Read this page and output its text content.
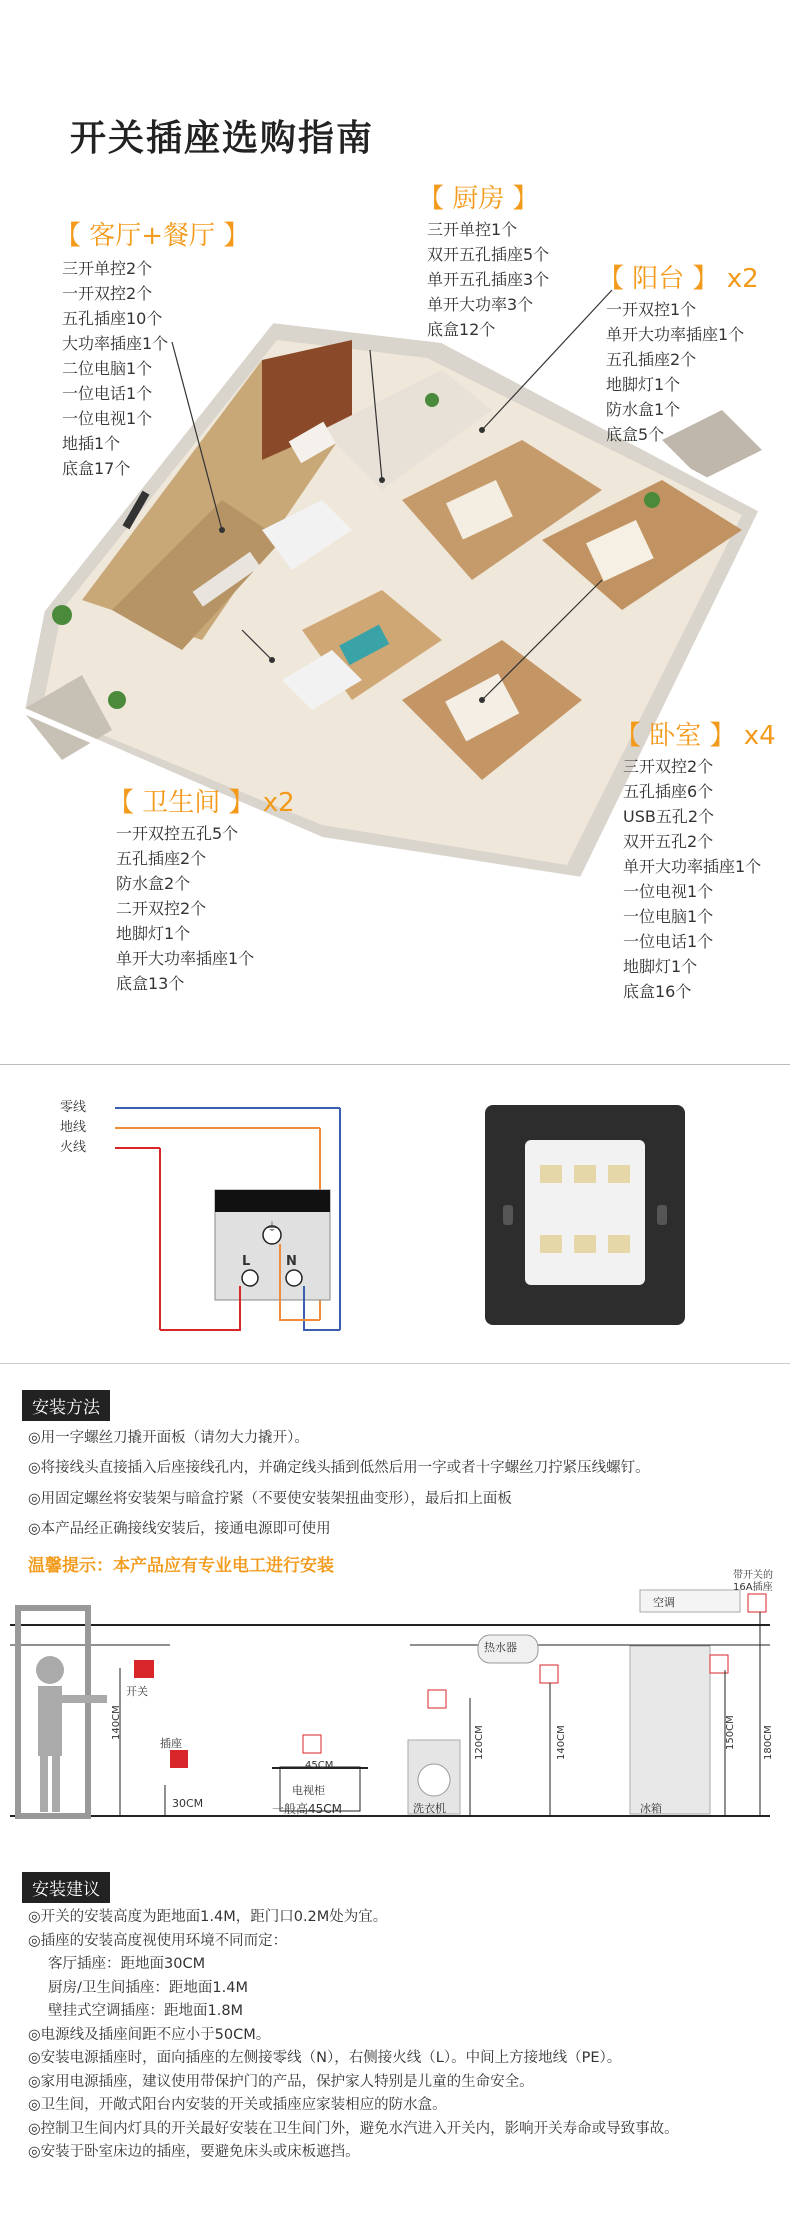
开关插座选购指南
【 客厅+餐厅 】
三开单控2个
一开双控2个
五孔插座10个
大功率插座1个
二位电脑1个
一位电话1个
一位电视1个
地插1个
底盒17个
【 厨房 】
三开单控1个
双开五孔插座5个
单开五孔插座3个
单开大功率3个
底盒12个
【 阳台 】 x2
一开双控1个
单开大功率插座1个
五孔插座2个
地脚灯1个
防水盒1个
底盒5个
【 卫生间 】 x2
一开双控五孔5个
五孔插座2个
防水盒2个
二开双控2个
地脚灯1个
单开大功率插座1个
底盒13个
【 卧室 】 x4
三开双控2个
五孔插座6个
USB五孔2个
双开五孔2个
单开大功率插座1个
一位电视1个
一位电脑1个
一位电话1个
地脚灯1个
底盒16个
⏚
零线
地线
火线
L	N
安装方法
◎用一字螺丝刀撬开面板（请勿大力撬开）。
◎将接线头直接插入后座接线孔内，并确定线头插到低然后用一字或者十字螺丝刀拧紧压线螺钉。
◎用固定螺丝将安装架与暗盒拧紧（不要使安装架扭曲变形），最后扣上面板
◎本产品经正确接线安装后，接通电源即可使用
温馨提示：本产品应有专业电工进行安装
开关
插座
140CM
30CM
电视柜
一般高45CM
45CM
洗衣机
120CM
热水器
140CM
空调
带开关的16A插座
冰箱
150CM	180CM
安装建议
◎开关的安装高度为距地面1.4M，距门口0.2M处为宜。
◎插座的安装高度视使用环境不同而定：
客厅插座：距地面30CM
厨房/卫生间插座：距地面1.4M
壁挂式空调插座：距地面1.8M
◎电源线及插座间距不应小于50CM。
◎安装电源插座时，面向插座的左侧接零线（N），右侧接火线（L）。中间上方接地线（PE）。
◎家用电源插座，建议使用带保护门的产品，保护家人特别是儿童的生命安全。
◎卫生间，开敞式阳台内安装的开关或插座应家装相应的防水盒。
◎控制卫生间内灯具的开关最好安装在卫生间门外，避免水汽进入开关内，影响开关寿命或导致事故。
◎安装于卧室床边的插座，要避免床头或床板遮挡。
